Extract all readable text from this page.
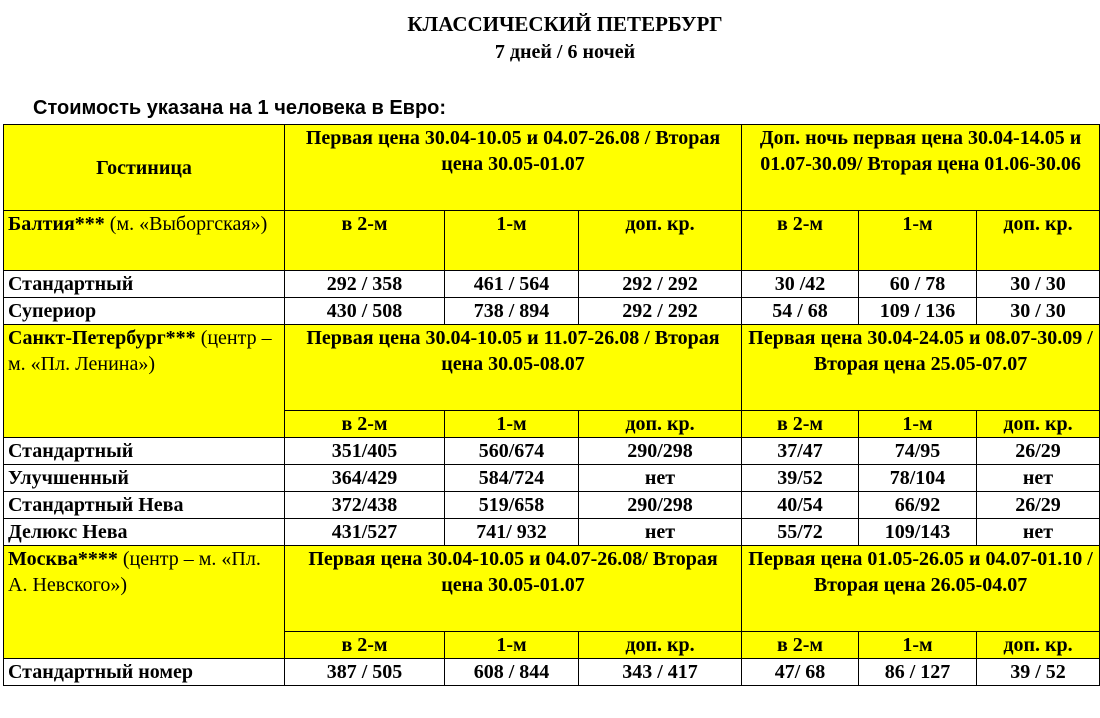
КЛАССИЧЕСКИЙ ПЕТЕРБУРГ
7 дней / 6 ночей

Стоимость указана на 1 человека в Евро:

Гостиница	Первая цена 30.04-10.05 и 04.07-26.08 / Вторая цена 30.05-01.07			Доп. ночь первая цена 30.04-14.05 и 01.07-30.09/ Вторая цена 01.06-30.06		
Балтия*** (м. «Выборгская»)	в 2-м	1-м	доп. кр.	в 2-м	1-м	доп. кр.
Стандартный	292 / 358	461 / 564	292 / 292	30 /42	60 / 78	30 / 30
Супериор	430 / 508	738 / 894	292 / 292	54 / 68	109 / 136	30 / 30
Санкт-Петербург*** (центр – м. «Пл. Ленина»)	Первая цена 30.04-10.05 и 11.07-26.08 / Вторая цена 30.05-08.07			Первая цена 30.04-24.05 и 08.07-30.09 / Вторая цена 25.05-07.07		
	в 2-м	1-м	доп. кр.	в 2-м	1-м	доп. кр.
Стандартный	351/405	560/674	290/298	37/47	74/95	26/29
Улучшенный	364/429	584/724	нет	39/52	78/104	нет
Стандартный Нева	372/438	519/658	290/298	40/54	66/92	26/29
Делюкс Нева	431/527	741/ 932	нет	55/72	109/143	нет
Москва**** (центр – м. «Пл. А. Невского»)	Первая цена 30.04-10.05 и 04.07-26.08/ Вторая цена 30.05-01.07			Первая цена 01.05-26.05 и 04.07-01.10 / Вторая цена 26.05-04.07		
	в 2-м	1-м	доп. кр.	в 2-м	1-м	доп. кр.
Стандартный номер	387 / 505	608 / 844	343 / 417	47/ 68	86 / 127	39 / 52
